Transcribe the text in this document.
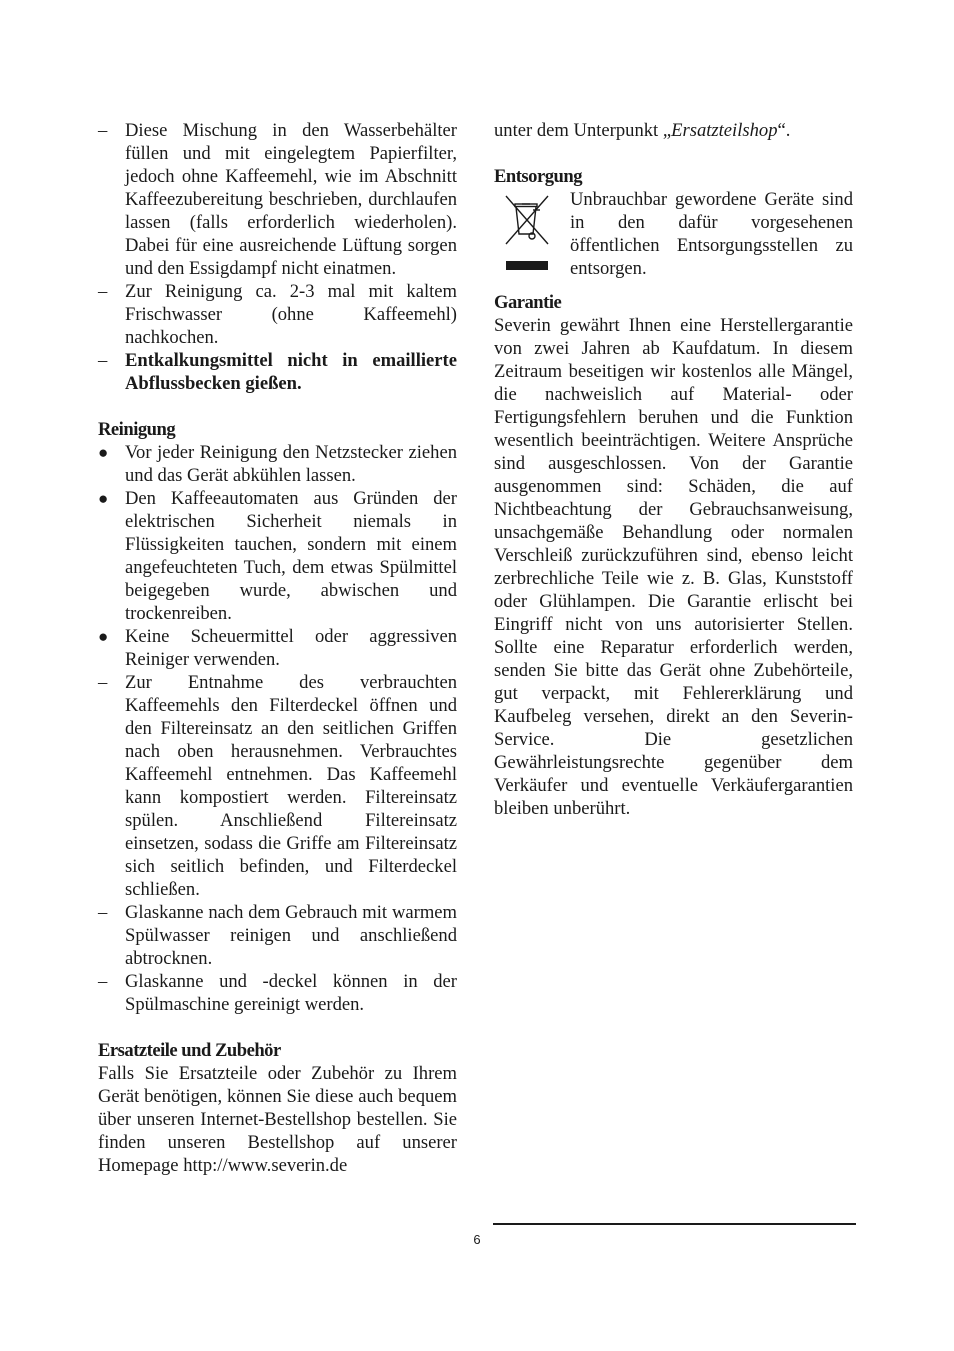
– Diese Mischung in den Wasserbehälter füllen und mit eingelegtem Papierfilter, jedoch ohne Kaffeemehl, wie im Abschnitt Kaffeezubereitung beschrieben, durchlaufen lassen (falls erforderlich wiederholen). Dabei für eine ausreichende Lüftung sorgen und den Essigdampf nicht einatmen.
– Zur Reinigung ca. 2-3 mal mit kaltem Frischwasser (ohne Kaffeemehl) nachkochen.
– Entkalkungsmittel nicht in emaillierte Abflussbecken gießen.

Reinigung

● Vor jeder Reinigung den Netzstecker ziehen und das Gerät abkühlen lassen.
● Den Kaffeeautomaten aus Gründen der elektrischen Sicherheit niemals in Flüssigkeiten tauchen, sondern mit einem angefeuchteten Tuch, dem etwas Spülmittel beigegeben wurde, abwischen und trockenreiben.
● Keine Scheuermittel oder aggressiven Reiniger verwenden.
– Zur Entnahme des verbrauchten Kaffeemehls den Filterdeckel öffnen und den Filtereinsatz an den seitlichen Griffen nach oben herausnehmen. Verbrauchtes Kaffeemehl entnehmen. Das Kaffeemehl kann kompostiert werden. Filtereinsatz spülen. Anschließend Filtereinsatz einsetzen, sodass die Griffe am Filtereinsatz sich seitlich befinden, und Filterdeckel schließen.
– Glaskanne nach dem Gebrauch mit warmem Spülwasser reinigen und anschließend abtrocknen.
– Glaskanne und -deckel können in der Spülmaschine gereinigt werden.

Ersatzteile und Zubehör

Falls Sie Ersatzteile oder Zubehör zu Ihrem Gerät benötigen, können Sie diese auch bequem über unseren Internet-Bestellshop bestellen. Sie finden unseren Bestellshop auf unserer Homepage http://www.severin.de
unter dem Unterpunkt „Ersatzteilshop“.

Entsorgung

Unbrauchbar gewordene Geräte sind in den dafür vorgesehenen öffentlichen Entsorgungsstellen zu entsorgen.

Garantie

Severin gewährt Ihnen eine Herstellergarantie von zwei Jahren ab Kaufdatum. In diesem Zeitraum beseitigen wir kostenlos alle Mängel, die nachweislich auf Material- oder Fertigungsfehlern beruhen und die Funktion wesentlich beeinträchtigen. Weitere Ansprüche sind ausgeschlossen. Von der Garantie ausgenommen sind: Schäden, die auf Nichtbeachtung der Gebrauchsanweisung, unsachgemäße Behandlung oder normalen Verschleiß zurückzuführen sind, ebenso leicht zerbrechliche Teile wie z. B. Glas, Kunststoff oder Glühlampen. Die Garantie erlischt bei Eingriff nicht von uns autorisierter Stellen. Sollte eine Reparatur erforderlich werden, senden Sie bitte das Gerät ohne Zubehörteile, gut verpackt, mit Fehlererklärung und Kaufbeleg versehen, direkt an den Severin-Service. Die gesetzlichen Gewährleistungsrechte gegenüber dem Verkäufer und eventuelle Verkäufergarantien bleiben unberührt.
6
